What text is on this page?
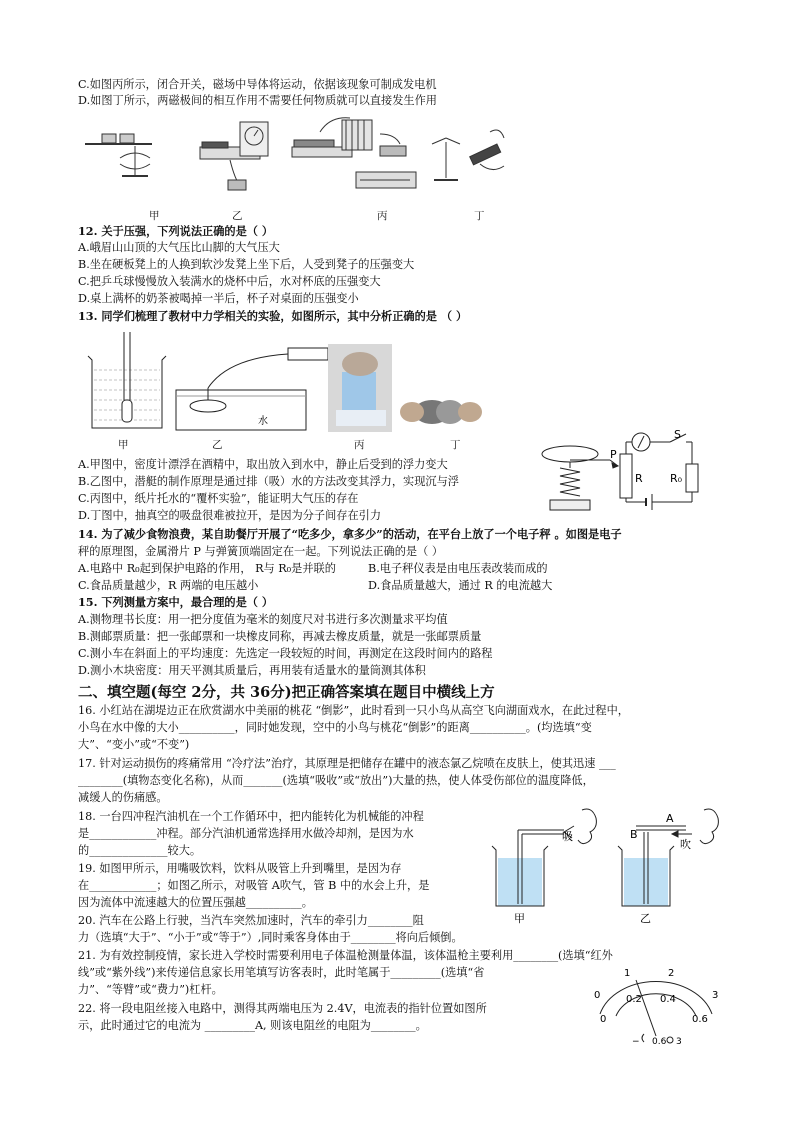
C.如图丙所示，闭合开关，磁场中导体将运动，依据该现象可制成发电机
D.如图丁所示，两磁极间的相互作用不需要任何物质就可以直接发生作用
甲	乙	丙	丁
12. 关于压强，下列说法正确的是（ ）
A.峨眉山山顶的大气压比山脚的大气压大
B.坐在硬板凳上的人换到软沙发凳上坐下后，人受到凳子的压强变大
C.把乒乓球慢慢放入装满水的烧杯中后，水对杯底的压强变大
D.桌上满杯的奶茶被喝掉一半后，杯子对桌面的压强变小
13. 同学们梳理了教材中力学相关的实验，如图所示，其中分析正确的是 （ ）
水
甲	乙	丙	丁
P
R
S
R₀
A.甲图中，密度计漂浮在酒精中，取出放入到水中，静止后受到的浮力变大
B.乙图中，潜艇的制作原理是通过排（吸）水的方法改变其浮力，实现沉与浮
C.丙图中，纸片托水的“覆杯实验”，能证明大气压的存在
D.丁图中，抽真空的吸盘很难被拉开，是因为分子间存在引力
14. 为了减少食物浪费，某自助餐厅开展了“吃多少，拿多少”的活动，在平台上放了一个电子秤 。如图是电子
秤的原理图，金属滑片 P 与弹簧顶端固定在一起。下列说法正确的是（ ）
A.电路中 R₀起到保护电路的作用， R与 R₀是并联的	B.电子秤仪表是由电压表改装而成的
C.食品质量越少，R 两端的电压越小	D.食品质量越大，通过 R 的电流越大
15. 下列测量方案中，最合理的是（ ）
A.测物理书长度：用一把分度值为毫米的刻度尺对书进行多次测量求平均值
B.测邮票质量：把一张邮票和一块橡皮同称，再减去橡皮质量，就是一张邮票质量
C.测小车在斜面上的平均速度：先选定一段较短的时间，再测定在这段时间内的路程
D.测小木块密度：用天平测其质量后，再用装有适量水的量筒测其体积
二、填空题(每空 2分，共 36分)把正确答案填在题目中横线上方
16. 小红站在湖堤边正在欣赏湖水中美丽的桃花 “倒影”，此时看到一只小鸟从高空飞向湖面戏水，在此过程中，
小鸟在水中像的大小__________，同时她发现，空中的小鸟与桃花“倒影”的距离__________。(均选填“变
大”、“变小”或“不变”)
17. 针对运动损伤的疼痛常用 “冷疗法”治疗，其原理是把储存在罐中的液态氯乙烷喷在皮肤上，使其迅速 ___
________(填物态变化名称)，从而_______(选填“吸收”或“放出”)大量的热，使人体受伤部位的温度降低，
减缓人的伤痛感。
18. 一台四冲程汽油机在一个工作循环中，把内能转化为机械能的冲程
是____________冲程。部分汽油机通常选择用水做冷却剂，是因为水
的______________较大。
19. 如图甲所示，用嘴吸饮料，饮料从吸管上升到嘴里，是因为存
在____________；如图乙所示，对吸管 A吹气，管 B 中的水会上升，是
因为流体中流速越大的位置压强越__________。
吸
吹
A
B
甲	乙
20. 汽车在公路上行驶，当汽车突然加速时，汽车的牵引力________阻
力（选填“大于”、“小于”或“等于”）,同时乘客身体由于________将向后倾倒。
21. 为有效控制疫情，家长进入学校时需要利用电子体温枪测量体温，该体温枪主要利用________(选填“红外
线”或“紫外线”)来传递信息家长用笔填写访客表时，此时笔属于_________(选填“省
力”、“等臂”或“费力”)杠杆。
22. 将一段电阻丝接入电路中，测得其两端电压为 2.4V，电流表的指针位置如图所
示，此时通过它的电流为 _________A, 则该电阻丝的电阻为________。
0
1	2
3
0
0.2 0.4
0.6
− 0.6 3
